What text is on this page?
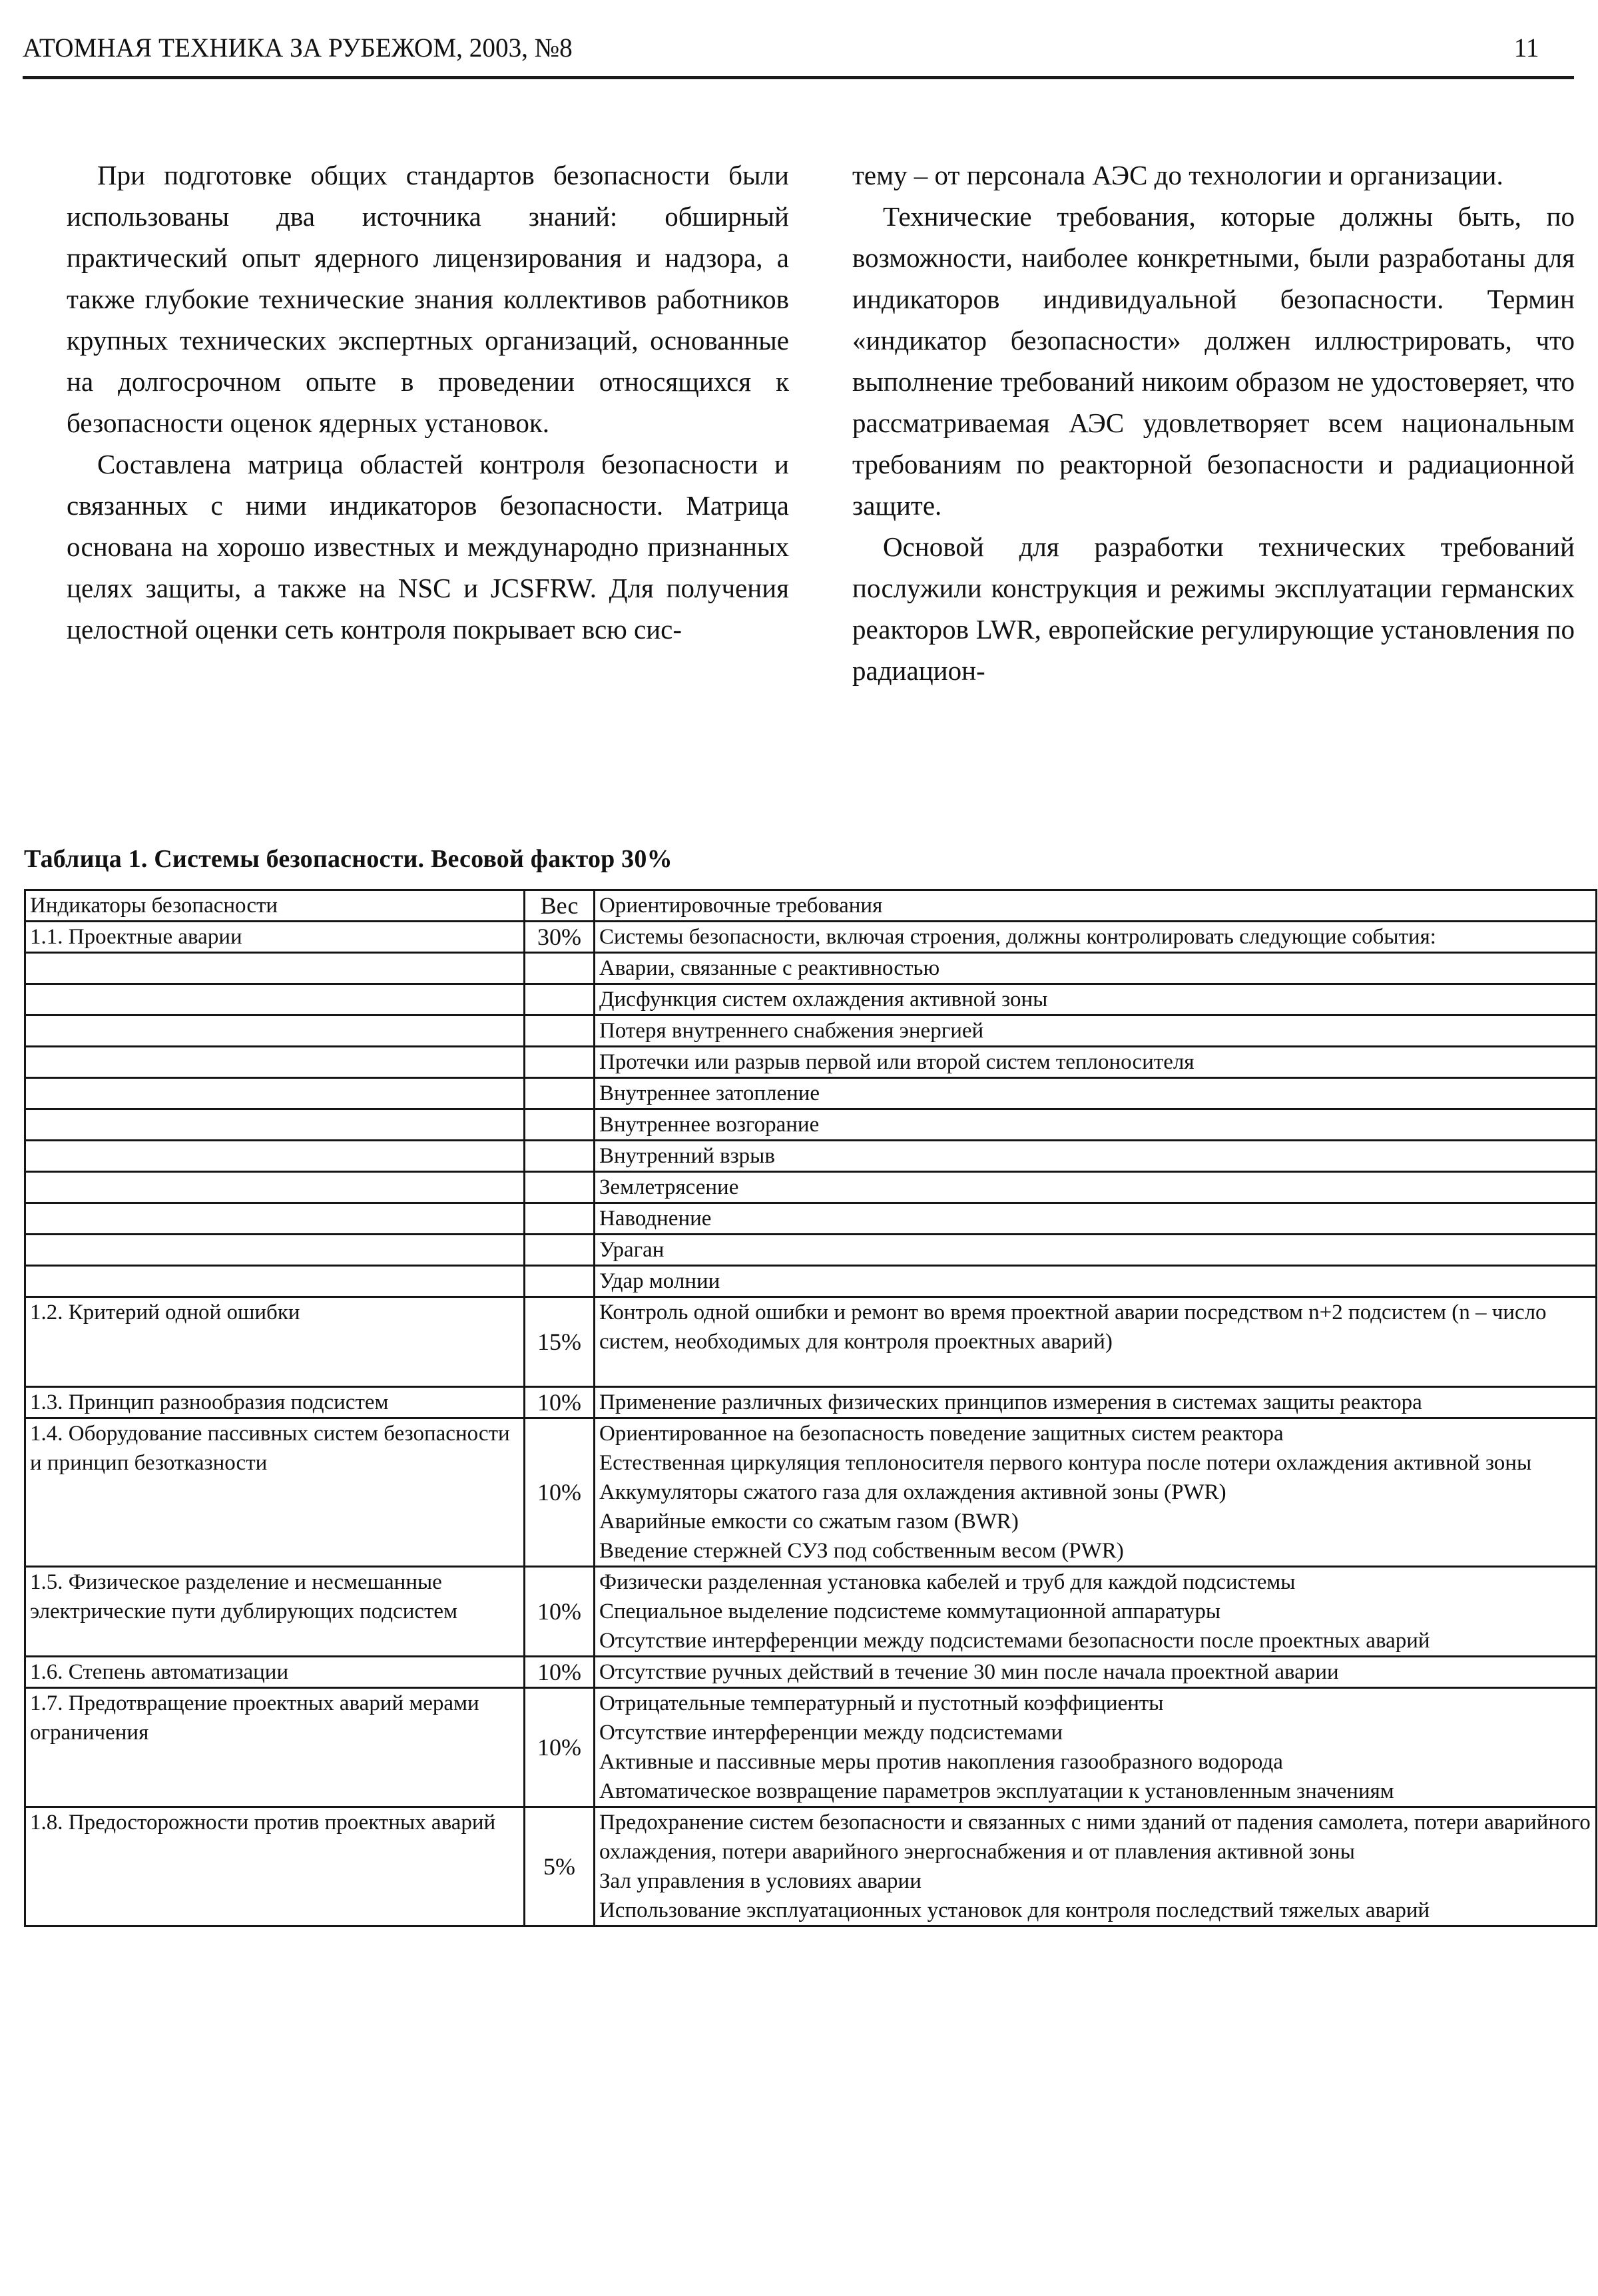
АТОМНАЯ ТЕХНИКА ЗА РУБЕЖОМ, 2003, №8	11

При подготовке общих стандартов безопасности были использованы два источника знаний: обширный практический опыт ядерного лицензирования и надзора, а также глубокие технические знания коллективов работников крупных технических экспертных организаций, основанные на долгосрочном опыте в проведении относящихся к безопасности оценок ядерных установок.

Составлена матрица областей контроля безопасности и связанных с ними индикаторов безопасности. Матрица основана на хорошо известных и международно признанных целях защиты, а также на NSC и JCSFRW. Для получения целостной оценки сеть контроля покрывает всю сис-

тему – от персонала АЭС до технологии и организации.

Технические требования, которые должны быть, по возможности, наиболее конкретными, были разработаны для индикаторов индивидуальной безопасности. Термин «индикатор безопасности» должен иллюстрировать, что выполнение требований никоим образом не удостоверяет, что рассматриваемая АЭС удовлетворяет всем национальным требованиям по реакторной безопасности и радиационной защите.

Основой для разработки технических требований послужили конструкция и режимы эксплуатации германских реакторов LWR, европейские регулирующие установления по радиацион-

Таблица 1. Системы безопасности. Весовой фактор 30%
Индикаторы безопасности	Вес	Ориентировочные требования
1.1. Проектные аварии	30%	Системы безопасности, включая строения, должны контролировать следующие события:

		Аварии, связанные с реактивностью

		Дисфункция систем охлаждения активной зоны

		Потеря внутреннего снабжения энергией

		Протечки или разрыв первой или второй систем теплоносителя

		Внутреннее затопление

		Внутреннее возгорание

		Внутренний взрыв

		Землетрясение

		Наводнение

		Ураган

		Удар молнии

1.2. Критерий одной ошибки	15%	Контроль одной ошибки и ремонт во время проектной аварии посредством n+2 подсистем (n – число систем, необходимых для контроля проектных аварий)

1.3. Принцип разнообразия подсистем	10%	Применение различных физических принципов измерения в системах защиты реактора

1.4. Оборудование пассивных систем безопасности и принцип безотказности	10%	Ориентированное на безопасность поведение защитных систем реактора
Естественная циркуляция теплоносителя первого контура после потери охлаждения активной зоны
Аккумуляторы сжатого газа для охлаждения активной зоны (PWR)
Аварийные емкости со сжатым газом (BWR)
Введение стержней СУЗ под собственным весом (PWR)

1.5. Физическое разделение и несмешанные электрические пути дублирующих подсистем	10%	Физически разделенная установка кабелей и труб для каждой подсистемы
Специальное выделение подсистеме коммутационной аппаратуры
Отсутствие интерференции между подсистемами безопасности после проектных аварий

1.6. Степень автоматизации	10%	Отсутствие ручных действий в течение 30 мин после начала проектной аварии

1.7. Предотвращение проектных аварий мерами ограничения	10%	Отрицательные температурный и пустотный коэффициенты
Отсутствие интерференции между подсистемами
Активные и пассивные меры против накопления газообразного водорода
Автоматическое возвращение параметров эксплуатации к установленным значениям

1.8. Предосторожности против проектных аварий	5%	Предохранение систем безопасности и связанных с ними зданий от падения самолета, потери аварийного охлаждения, потери аварийного энергоснабжения и от плавления активной зоны
Зал управления в условиях аварии
Использование эксплуатационных установок для контроля последствий тяжелых аварий
